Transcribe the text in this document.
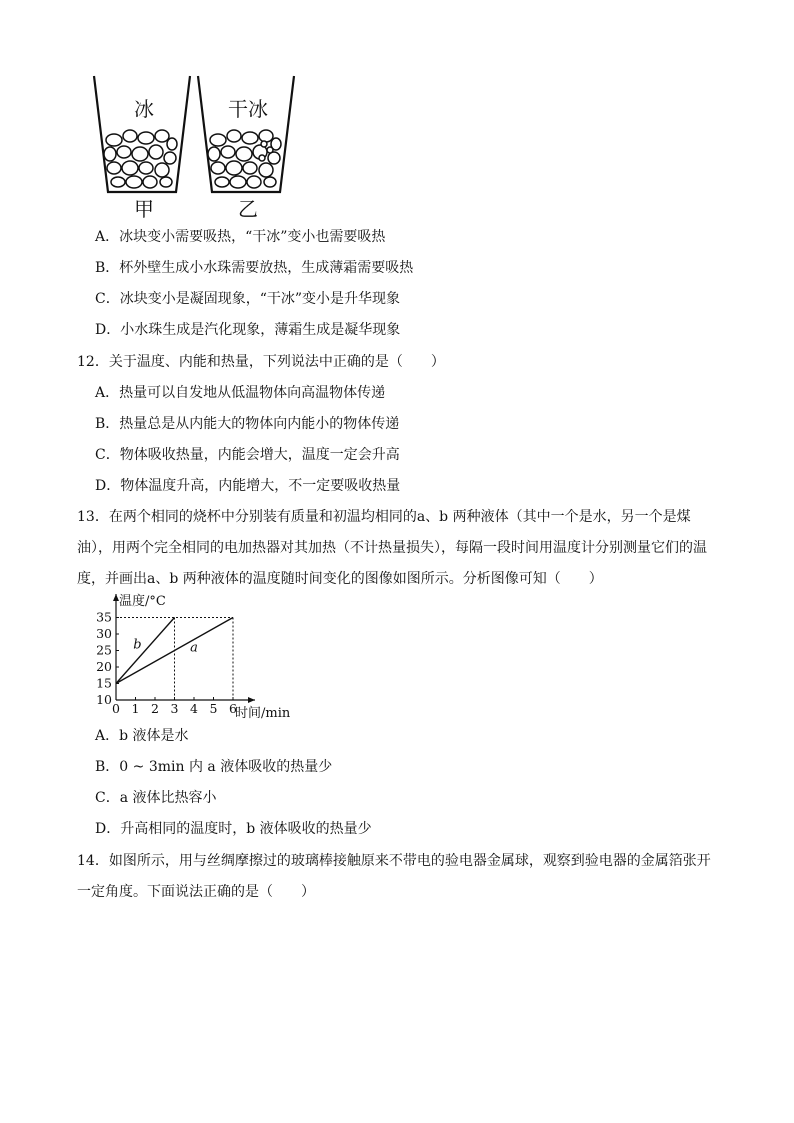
冰	干冰
甲	乙
A．冰块变小需要吸热，“干冰”变小也需要吸热
B．杯外壁生成小水珠需要放热，生成薄霜需要吸热
C．冰块变小是凝固现象，“干冰”变小是升华现象
D．小水珠生成是汽化现象，薄霜生成是凝华现象
12．关于温度、内能和热量，下列说法中正确的是（　　）
A．热量可以自发地从低温物体向高温物体传递
B．热量总是从内能大的物体向内能小的物体传递
C．物体吸收热量，内能会增大，温度一定会升高
D．物体温度升高，内能增大，不一定要吸收热量
13．在两个相同的烧杯中分别装有质量和初温均相同的a、b 两种液体（其中一个是水，另一个是煤
油），用两个完全相同的电加热器对其加热（不计热量损失），每隔一段时间用温度计分别测量它们的温
度，并画出a、b 两种液体的温度随时间变化的图像如图所示。分析图像可知（　　）
温度/°C
时间/min
10
15
20
25
30
35
0 1 2 3 4 5 6
b	a
A．b 液体是水
B．0 ~ 3min 内 a 液体吸收的热量少
C．a 液体比热容小
D．升高相同的温度时，b 液体吸收的热量少
14．如图所示，用与丝绸摩擦过的玻璃棒接触原来不带电的验电器金属球，观察到验电器的金属箔张开
一定角度。下面说法正确的是（　　）
